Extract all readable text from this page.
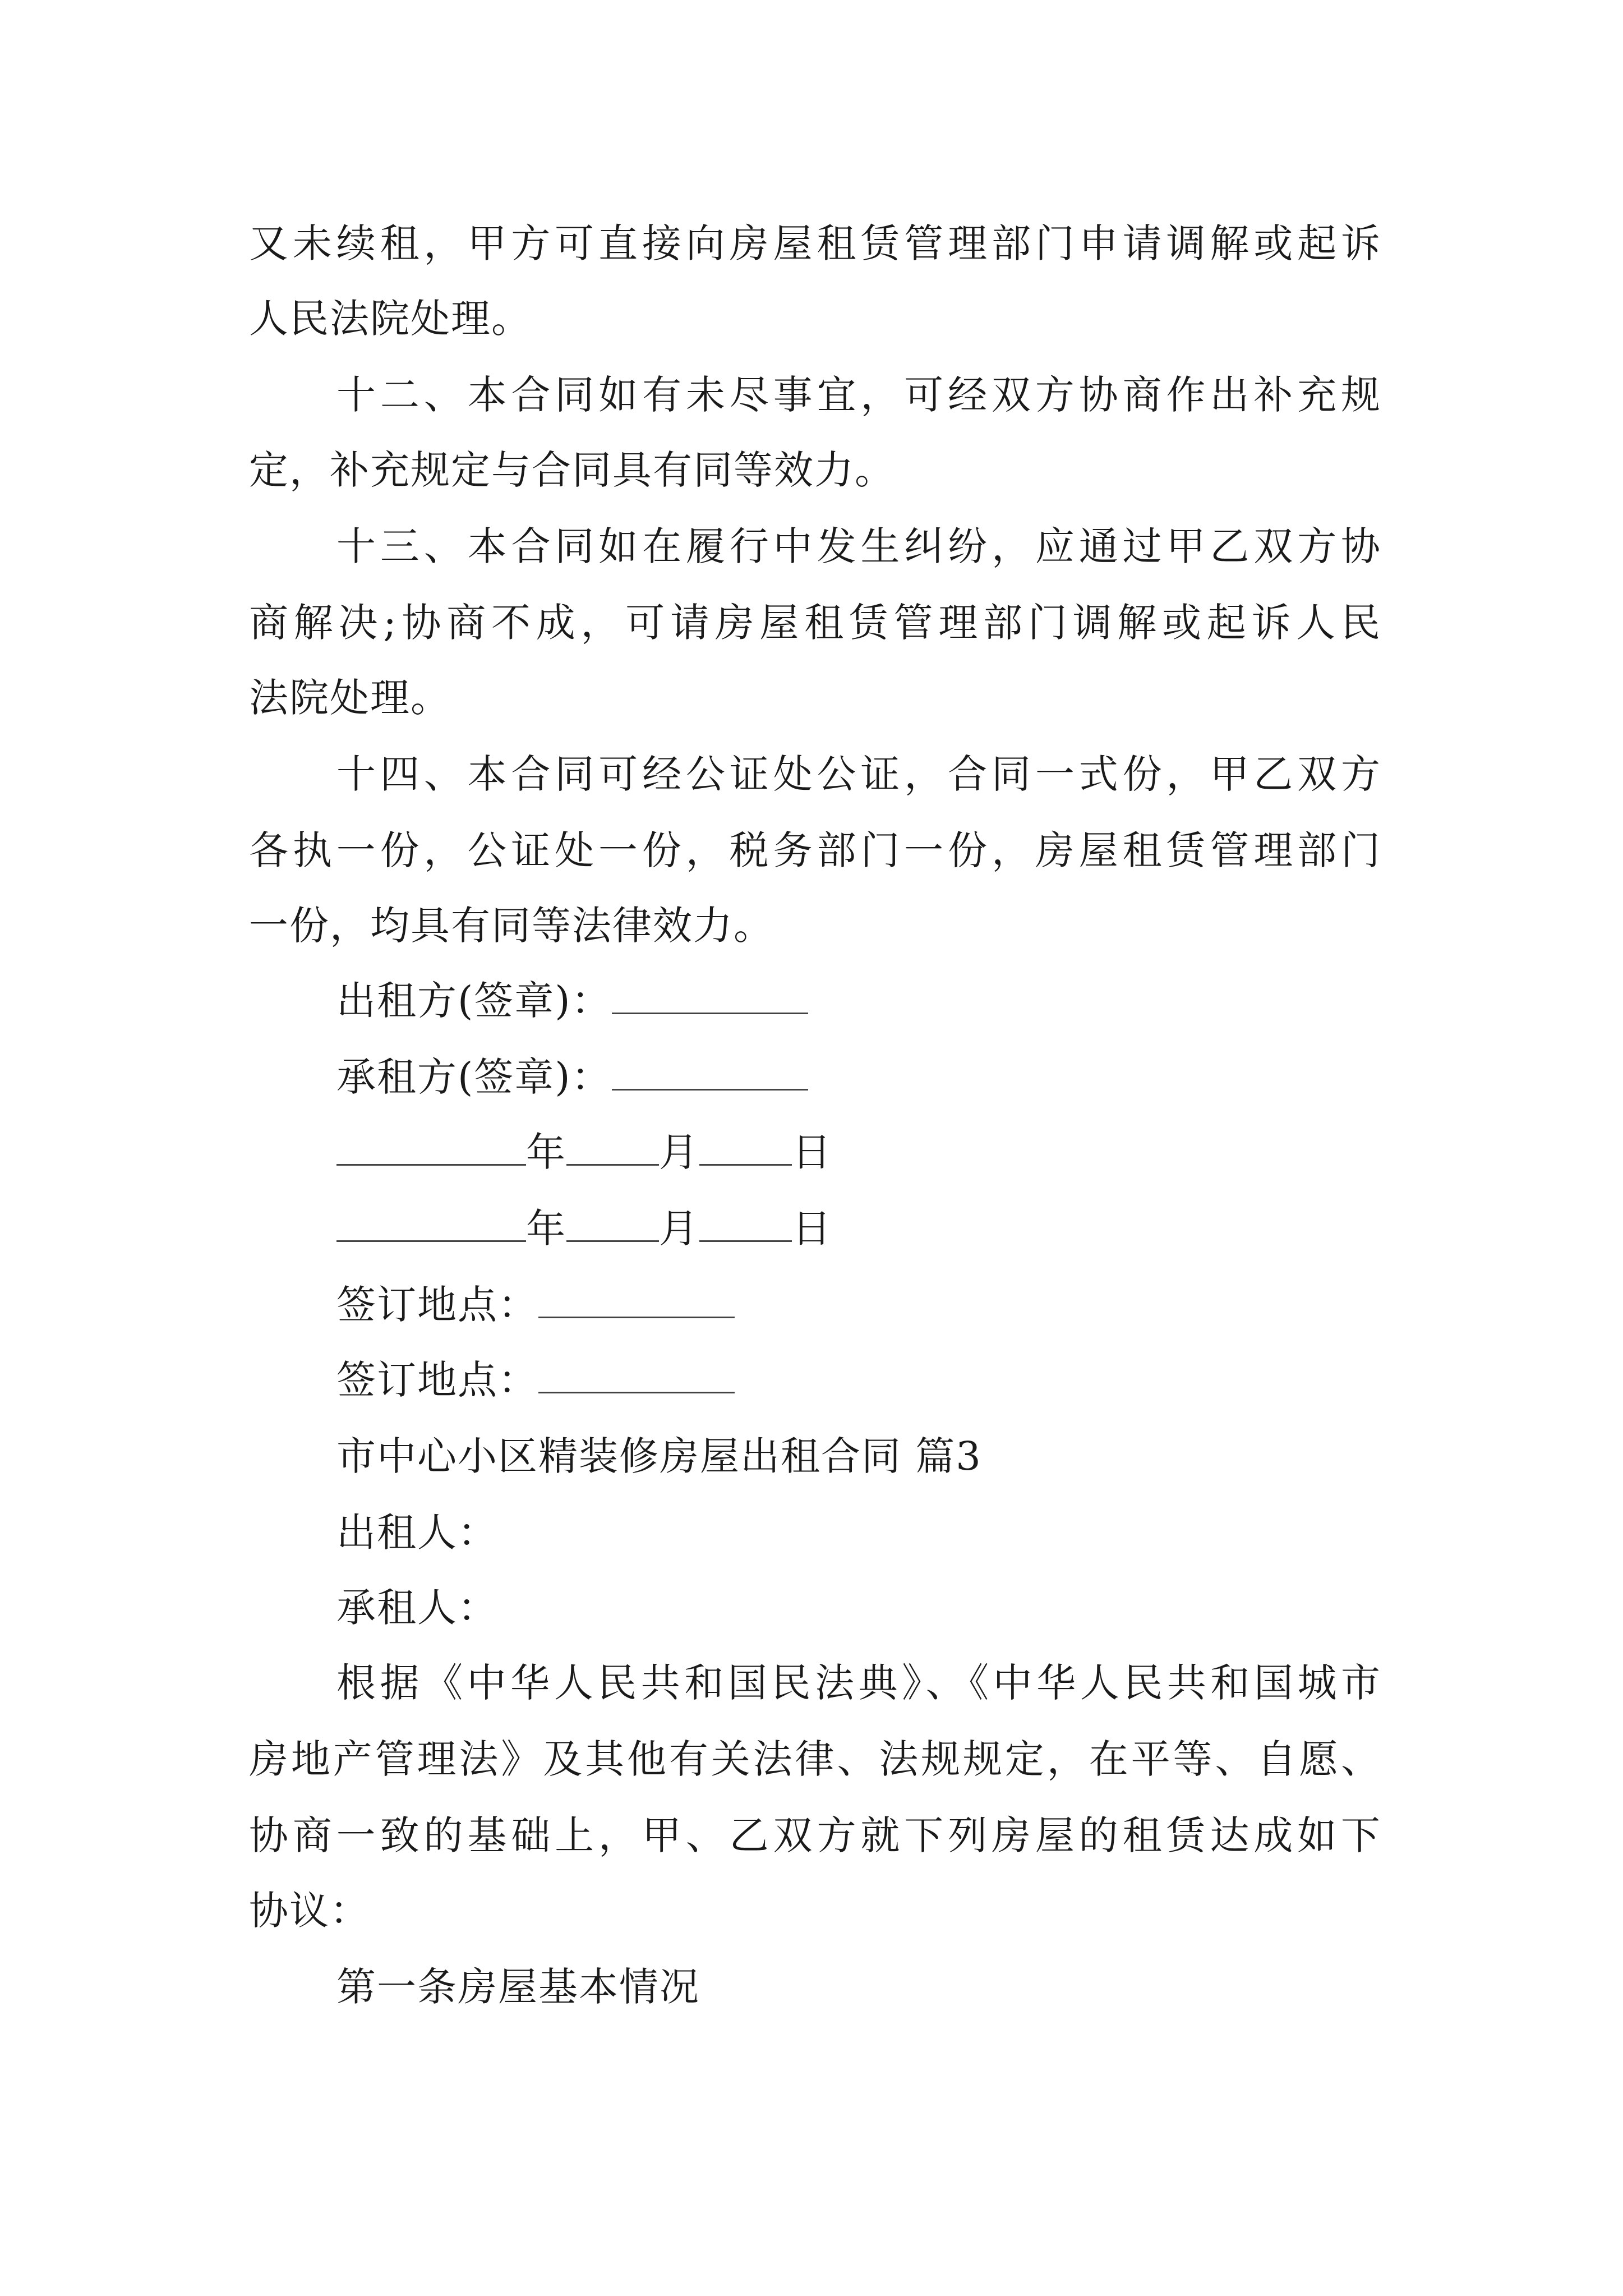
又未续租，甲方可直接向房屋租赁管理部门申请调解或起诉

人民法院处理。

十二、本合同如有未尽事宜，可经双方协商作出补充规

定，补充规定与合同具有同等效力。

十三、本合同如在履行中发生纠纷，应通过甲乙双方协

商解决;协商不成，可请房屋租赁管理部门调解或起诉人民

法院处理。

十四、本合同可经公证处公证，合同一式份，甲乙双方

各执一份，公证处一份，税务部门一份，房屋租赁管理部门

一份，均具有同等法律效力。

出租方(签章)：

承租方(签章)：

年 月 日

年 月 日

签订地点：

签订地点：

市中心小区精装修房屋出租合同 篇3

出租人：

承租人：

根据《中华人民共和国民法典》、《中华人民共和国城市

房地产管理法》及其他有关法律、法规规定，在平等、自愿、

协商一致的基础上，甲、乙双方就下列房屋的租赁达成如下

协议：

第一条房屋基本情况
